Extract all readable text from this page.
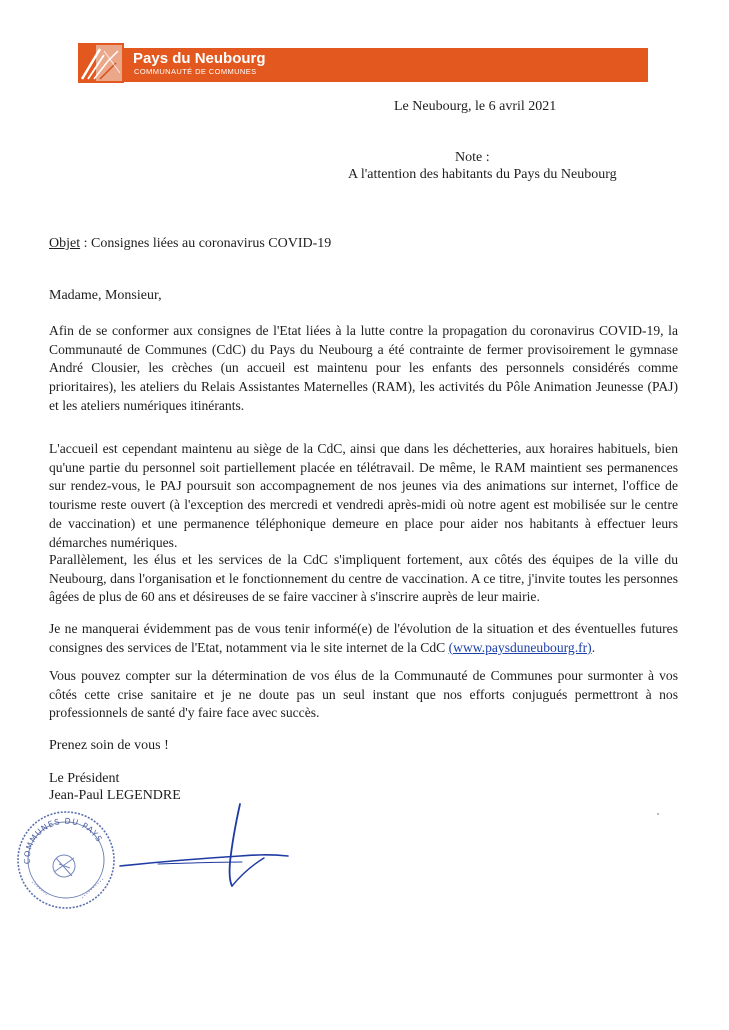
Pays du Neubourg
COMMUNAUTÉ DE COMMUNES
Le Neubourg, le 6 avril 2021
Note :
A l'attention des habitants du Pays du Neubourg
Objet : Consignes liées au coronavirus COVID-19
Madame, Monsieur,

Afin de se conformer aux consignes de l'Etat liées à la lutte contre la propagation du coronavirus COVID-19, la Communauté de Communes (CdC) du Pays du Neubourg a été contrainte de fermer provisoirement le gymnase André Clousier, les crèches (un accueil est maintenu pour les enfants des personnels considérés comme prioritaires), les ateliers du Relais Assistantes Maternelles (RAM), les activités du Pôle Animation Jeunesse (PAJ) et les ateliers numériques itinérants.

L'accueil est cependant maintenu au siège de la CdC, ainsi que dans les déchetteries, aux horaires habituels, bien qu'une partie du personnel soit partiellement placée en télétravail. De même, le RAM maintient ses permanences sur rendez-vous, le PAJ poursuit son accompagnement de nos jeunes via des animations sur internet, l'office de tourisme reste ouvert (à l'exception des mercredi et vendredi après-midi où notre agent est mobilisée sur le centre de vaccination) et une permanence téléphonique demeure en place pour aider nos habitants à effectuer leurs démarches numériques.

Parallèlement, les élus et les services de la CdC s'impliquent fortement, aux côtés des équipes de la ville du Neubourg, dans l'organisation et le fonctionnement du centre de vaccination. A ce titre, j'invite toutes les personnes âgées de plus de 60 ans et désireuses de se faire vacciner à s'inscrire auprès de leur mairie.

Je ne manquerai évidemment pas de vous tenir informé(e) de l'évolution de la situation et des éventuelles futures consignes des services de l'Etat, notamment via le site internet de la CdC (www.paysduneubourg.fr).

Vous pouvez compter sur la détermination de vos élus de la Communauté de Communes pour surmonter à vos côtés cette crise sanitaire et je ne doute pas un seul instant que nos efforts conjugués permettront à nos professionnels de santé d'y faire face avec succès.

Prenez soin de vous !
Le Président
Jean-Paul LEGENDRE
COMMUNES DU PAYS
